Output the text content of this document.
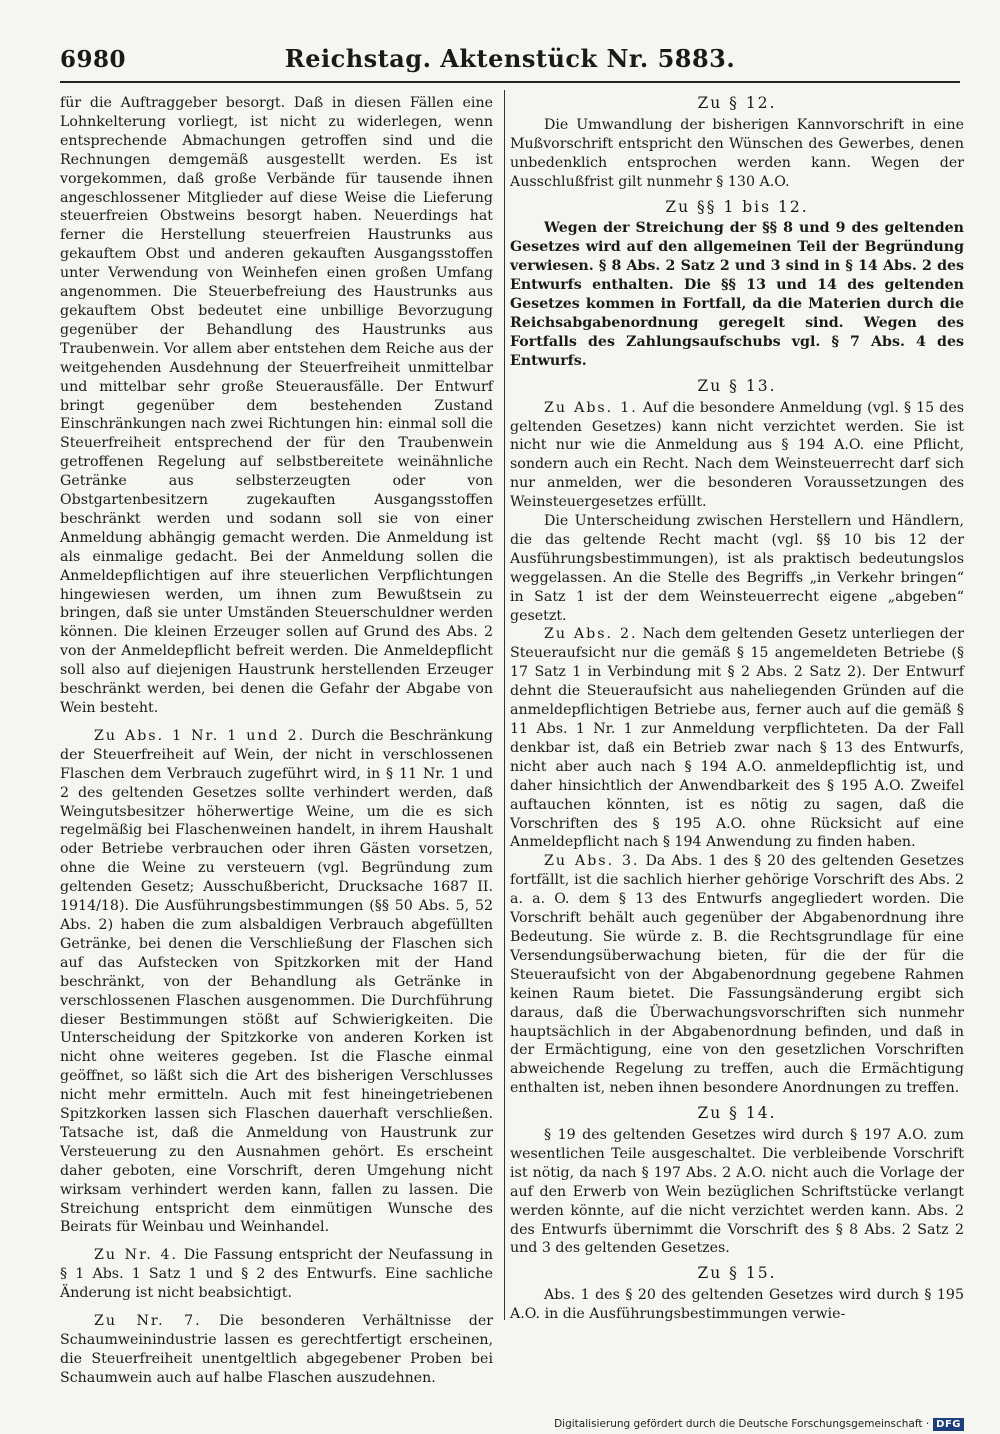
6980	Reichstag. Aktenstück Nr. 5883.

für die Auftraggeber besorgt. Daß in diesen Fällen eine Lohnkelterung vorliegt, ist nicht zu widerlegen, wenn entsprechende Abmachungen getroffen sind und die Rechnungen demgemäß ausgestellt werden. Es ist vorgekommen, daß große Verbände für tausende ihnen angeschlossener Mitglieder auf diese Weise die Lieferung steuerfreien Obstweins besorgt haben. Neuerdings hat ferner die Herstellung steuerfreien Haustrunks aus gekauftem Obst und anderen gekauften Ausgangsstoffen unter Verwendung von Weinhefen einen großen Umfang angenommen. Die Steuerbefreiung des Haustrunks aus gekauftem Obst bedeutet eine unbillige Bevorzugung gegenüber der Behandlung des Haustrunks aus Traubenwein. Vor allem aber entstehen dem Reiche aus der weitgehenden Ausdehnung der Steuerfreiheit unmittelbar und mittelbar sehr große Steuerausfälle. Der Entwurf bringt gegenüber dem bestehenden Zustand Einschränkungen nach zwei Richtungen hin: einmal soll die Steuerfreiheit entsprechend der für den Traubenwein getroffenen Regelung auf selbstbereitete weinähnliche Getränke aus selbsterzeugten oder von Obstgartenbesitzern zugekauften Ausgangsstoffen beschränkt werden und sodann soll sie von einer Anmeldung abhängig gemacht werden. Die Anmeldung ist als einmalige gedacht. Bei der Anmeldung sollen die Anmeldepflichtigen auf ihre steuerlichen Verpflichtungen hingewiesen werden, um ihnen zum Bewußtsein zu bringen, daß sie unter Umständen Steuerschuldner werden können. Die kleinen Erzeuger sollen auf Grund des Abs. 2 von der Anmeldepflicht befreit werden. Die Anmeldepflicht soll also auf diejenigen Haustrunk herstellenden Erzeuger beschränkt werden, bei denen die Gefahr der Abgabe von Wein besteht.

Zu Abs. 1 Nr. 1 und 2. Durch die Beschränkung der Steuerfreiheit auf Wein, der nicht in verschlossenen Flaschen dem Verbrauch zugeführt wird, in § 11 Nr. 1 und 2 des geltenden Gesetzes sollte verhindert werden, daß Weingutsbesitzer höherwertige Weine, um die es sich regelmäßig bei Flaschenweinen handelt, in ihrem Haushalt oder Betriebe verbrauchen oder ihren Gästen vorsetzen, ohne die Weine zu versteuern (vgl. Begründung zum geltenden Gesetz; Ausschußbericht, Drucksache 1687 II. 1914/18). Die Ausführungsbestimmungen (§§ 50 Abs. 5, 52 Abs. 2) haben die zum alsbaldigen Verbrauch abgefüllten Getränke, bei denen die Verschließung der Flaschen sich auf das Aufstecken von Spitzkorken mit der Hand beschränkt, von der Behandlung als Getränke in verschlossenen Flaschen ausgenommen. Die Durchführung dieser Bestimmungen stößt auf Schwierigkeiten. Die Unterscheidung der Spitzkorke von anderen Korken ist nicht ohne weiteres gegeben. Ist die Flasche einmal geöffnet, so läßt sich die Art des bisherigen Verschlusses nicht mehr ermitteln. Auch mit fest hineingetriebenen Spitzkorken lassen sich Flaschen dauerhaft verschließen. Tatsache ist, daß die Anmeldung von Haustrunk zur Versteuerung zu den Ausnahmen gehört. Es erscheint daher geboten, eine Vorschrift, deren Umgehung nicht wirksam verhindert werden kann, fallen zu lassen. Die Streichung entspricht dem einmütigen Wunsche des Beirats für Weinbau und Weinhandel.

Zu Nr. 4. Die Fassung entspricht der Neufassung in § 1 Abs. 1 Satz 1 und § 2 des Entwurfs. Eine sachliche Änderung ist nicht beabsichtigt.

Zu Nr. 7. Die besonderen Verhältnisse der Schaumweinindustrie lassen es gerechtfertigt erscheinen, die Steuerfreiheit unentgeltlich abgegebener Proben bei Schaumwein auch auf halbe Flaschen auszudehnen.

Zu § 12.

Die Umwandlung der bisherigen Kannvorschrift in eine Mußvorschrift entspricht den Wünschen des Gewerbes, denen unbedenklich entsprochen werden kann. Wegen der Ausschlußfrist gilt nunmehr § 130 A.O.

Zu §§ 1 bis 12.

Wegen der Streichung der §§ 8 und 9 des geltenden Gesetzes wird auf den allgemeinen Teil der Begründung verwiesen. § 8 Abs. 2 Satz 2 und 3 sind in § 14 Abs. 2 des Entwurfs enthalten. Die §§ 13 und 14 des geltenden Gesetzes kommen in Fortfall, da die Materien durch die Reichsabgabenordnung geregelt sind. Wegen des Fortfalls des Zahlungsaufschubs vgl. § 7 Abs. 4 des Entwurfs.

Zu § 13.

Zu Abs. 1. Auf die besondere Anmeldung (vgl. § 15 des geltenden Gesetzes) kann nicht verzichtet werden. Sie ist nicht nur wie die Anmeldung aus § 194 A.O. eine Pflicht, sondern auch ein Recht. Nach dem Weinsteuerrecht darf sich nur anmelden, wer die besonderen Voraussetzungen des Weinsteuergesetzes erfüllt.

Die Unterscheidung zwischen Herstellern und Händlern, die das geltende Recht macht (vgl. §§ 10 bis 12 der Ausführungsbestimmungen), ist als praktisch bedeutungslos weggelassen. An die Stelle des Begriffs „in Verkehr bringen“ in Satz 1 ist der dem Weinsteuerrecht eigene „abgeben“ gesetzt.

Zu Abs. 2. Nach dem geltenden Gesetz unterliegen der Steueraufsicht nur die gemäß § 15 angemeldeten Betriebe (§ 17 Satz 1 in Verbindung mit § 2 Abs. 2 Satz 2). Der Entwurf dehnt die Steueraufsicht aus naheliegenden Gründen auf die anmeldepflichtigen Betriebe aus, ferner auch auf die gemäß § 11 Abs. 1 Nr. 1 zur Anmeldung verpflichteten. Da der Fall denkbar ist, daß ein Betrieb zwar nach § 13 des Entwurfs, nicht aber auch nach § 194 A.O. anmeldepflichtig ist, und daher hinsichtlich der Anwendbarkeit des § 195 A.O. Zweifel auftauchen könnten, ist es nötig zu sagen, daß die Vorschriften des § 195 A.O. ohne Rücksicht auf eine Anmeldepflicht nach § 194 Anwendung zu finden haben.

Zu Abs. 3. Da Abs. 1 des § 20 des geltenden Gesetzes fortfällt, ist die sachlich hierher gehörige Vorschrift des Abs. 2 a. a. O. dem § 13 des Entwurfs angegliedert worden. Die Vorschrift behält auch gegenüber der Abgabenordnung ihre Bedeutung. Sie würde z. B. die Rechtsgrundlage für eine Versendungsüberwachung bieten, für die der für die Steueraufsicht von der Abgabenordnung gegebene Rahmen keinen Raum bietet. Die Fassungsänderung ergibt sich daraus, daß die Überwachungsvorschriften sich nunmehr hauptsächlich in der Abgabenordnung befinden, und daß in der Ermächtigung, eine von den gesetzlichen Vorschriften abweichende Regelung zu treffen, auch die Ermächtigung enthalten ist, neben ihnen besondere Anordnungen zu treffen.

Zu § 14.

§ 19 des geltenden Gesetzes wird durch § 197 A.O. zum wesentlichen Teile ausgeschaltet. Die verbleibende Vorschrift ist nötig, da nach § 197 Abs. 2 A.O. nicht auch die Vorlage der auf den Erwerb von Wein bezüglichen Schriftstücke verlangt werden könnte, auf die nicht verzichtet werden kann. Abs. 2 des Entwurfs übernimmt die Vorschrift des § 8 Abs. 2 Satz 2 und 3 des geltenden Gesetzes.

Zu § 15.

Abs. 1 des § 20 des geltenden Gesetzes wird durch § 195 A.O. in die Ausführungsbestimmungen verwie-

Digitalisierung gefördert durch die Deutsche Forschungsgemeinschaft · DFG
